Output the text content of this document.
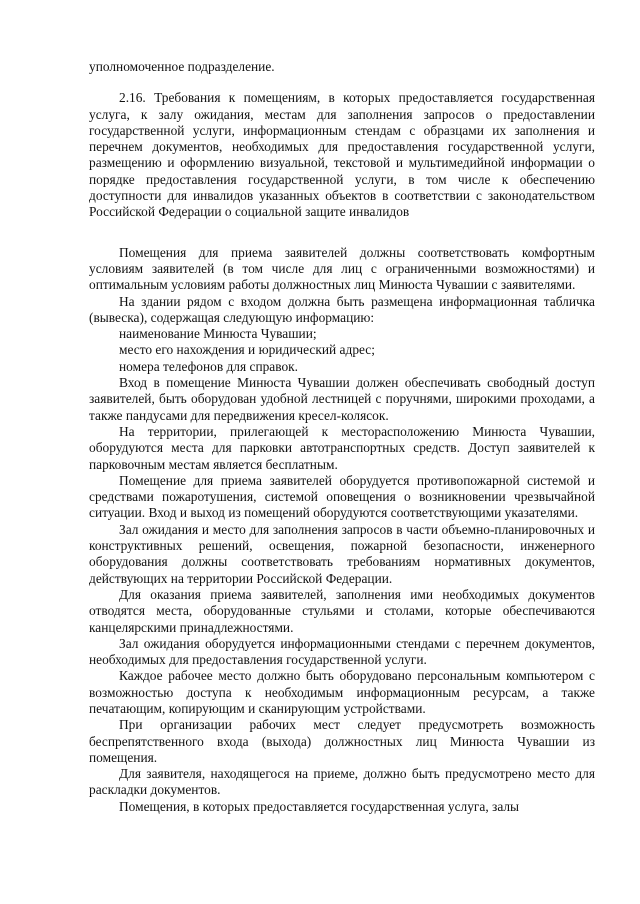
уполномоченное подразделение.

2.16. Требования к помещениям, в которых предоставляется государственная услуга, к залу ожидания, местам для заполнения запросов о предоставлении государственной услуги, информационным стендам с образцами их заполнения и перечнем документов, необходимых для предоставления государственной услуги, размещению и оформлению визуальной, текстовой и мультимедийной информации о порядке предоставления государственной услуги, в том числе к обеспечению доступности для инвалидов указанных объектов в соответствии с законодательством Российской Федерации о социальной защите инвалидов

Помещения для приема заявителей должны соответствовать комфортным условиям заявителей (в том числе для лиц с ограниченными возможностями) и оптимальным условиям работы должностных лиц Минюста Чувашии с заявителями.

На здании рядом с входом должна быть размещена информационная табличка (вывеска), содержащая следующую информацию:

наименование Минюста Чувашии;

место его нахождения и юридический адрес;

номера телефонов для справок.

Вход в помещение Минюста Чувашии должен обеспечивать свободный доступ заявителей, быть оборудован удобной лестницей с поручнями, широкими проходами, а также пандусами для передвижения кресел-колясок.

На территории, прилегающей к месторасположению Минюста Чувашии, оборудуются места для парковки автотранспортных средств. Доступ заявителей к парковочным местам является бесплатным.

Помещение для приема заявителей оборудуется противопожарной системой и средствами пожаротушения, системой оповещения о возникновении чрезвычайной ситуации. Вход и выход из помещений оборудуются соответствующими указателями.

Зал ожидания и место для заполнения запросов в части объемно-планировочных и конструктивных решений, освещения, пожарной безопасности, инженерного оборудования должны соответствовать требованиям нормативных документов, действующих на территории Российской Федерации.

Для оказания приема заявителей, заполнения ими необходимых документов отводятся места, оборудованные стульями и столами, которые обеспечиваются канцелярскими принадлежностями.

Зал ожидания оборудуется информационными стендами с перечнем документов, необходимых для предоставления государственной услуги.

Каждое рабочее место должно быть оборудовано персональным компьютером с возможностью доступа к необходимым информационным ресурсам, а также печатающим, копирующим и сканирующим устройствами.

При организации рабочих мест следует предусмотреть возможность беспрепятственного входа (выхода) должностных лиц Минюста Чувашии из помещения.

Для заявителя, находящегося на приеме, должно быть предусмотрено место для раскладки документов.

Помещения, в которых предоставляется государственная услуга, залы
